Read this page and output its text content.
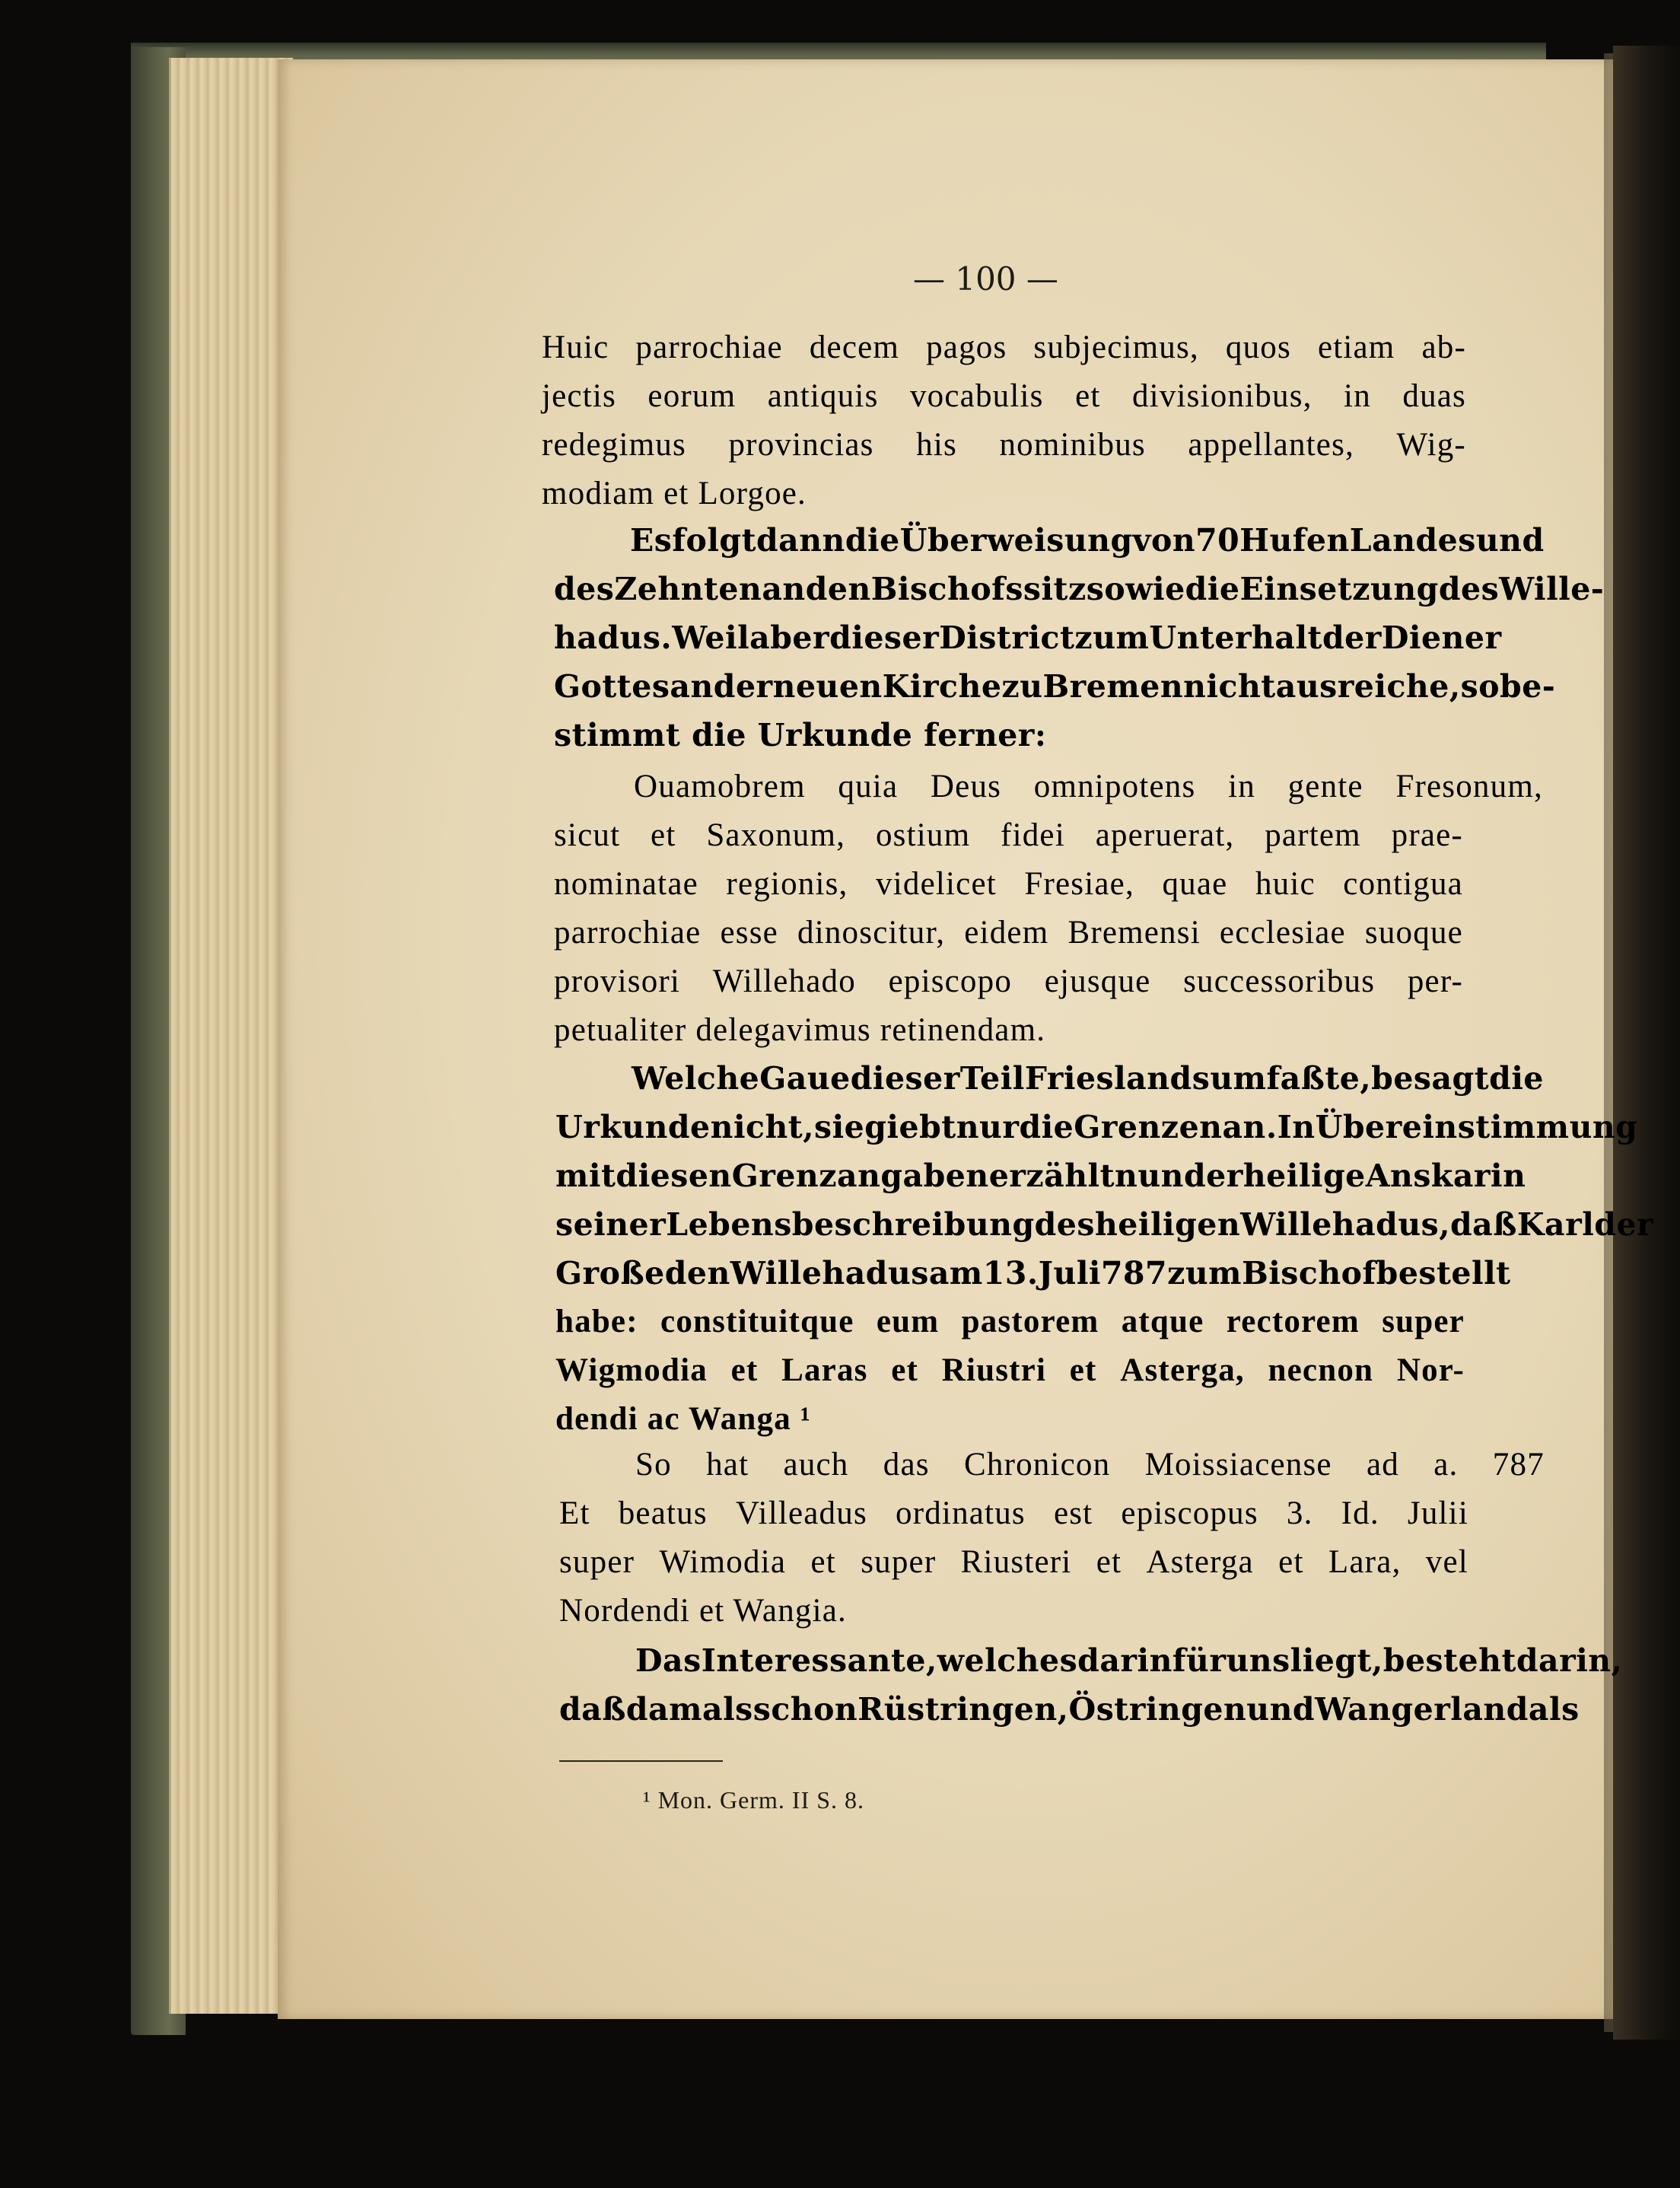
— 100 —
Huic parrochiae decem pagos subjecimus, quos etiam ab-
jectis eorum antiquis vocabulis et divisionibus, in duas
redegimus provincias his nominibus appellantes, Wig-
modiam et Lorgoe.
Es folgt dann die Überweisung von 70 Hufen Landes und
des Zehnten an den Bischofssitz sowie die Einsetzung des Wille-
hadus. Weil aber dieser District zum Unterhalt der Diener
Gottes an der neuen Kirche zu Bremen nicht ausreiche, so be-
stimmt die Urkunde ferner:
Ouamobrem quia Deus omnipotens in gente Fresonum,
sicut et Saxonum, ostium fidei aperuerat, partem prae-
nominatae regionis, videlicet Fresiae, quae huic contigua
parrochiae esse dinoscitur, eidem Bremensi ecclesiae suoque
provisori Willehado episcopo ejusque successoribus per-
petualiter delegavimus retinendam.
Welche Gaue dieser Teil Frieslands umfaßte, besagt die
Urkunde nicht, sie giebt nur die Grenzen an. In Übereinstimmung
mit diesen Grenzangaben erzählt nun der heilige Anskar in
seiner Lebensbeschreibung des heiligen Willehadus, daß Karl der
Große den Willehadus am 13. Juli 787 zum Bischof bestellt
habe: constituitque eum pastorem atque rectorem super
Wigmodia et Laras et Riustri et Asterga, necnon Nor-
dendi ac Wanga ¹
So hat auch das Chronicon Moissiacense ad a. 787
Et beatus Villeadus ordinatus est episcopus 3. Id. Julii
super Wimodia et super Riusteri et Asterga et Lara, vel
Nordendi et Wangia.
Das Interessante, welches darin für uns liegt, besteht darin,
daß damals schon Rüstringen, Östringen und Wangerland als
¹ Mon. Germ. II S. 8.
